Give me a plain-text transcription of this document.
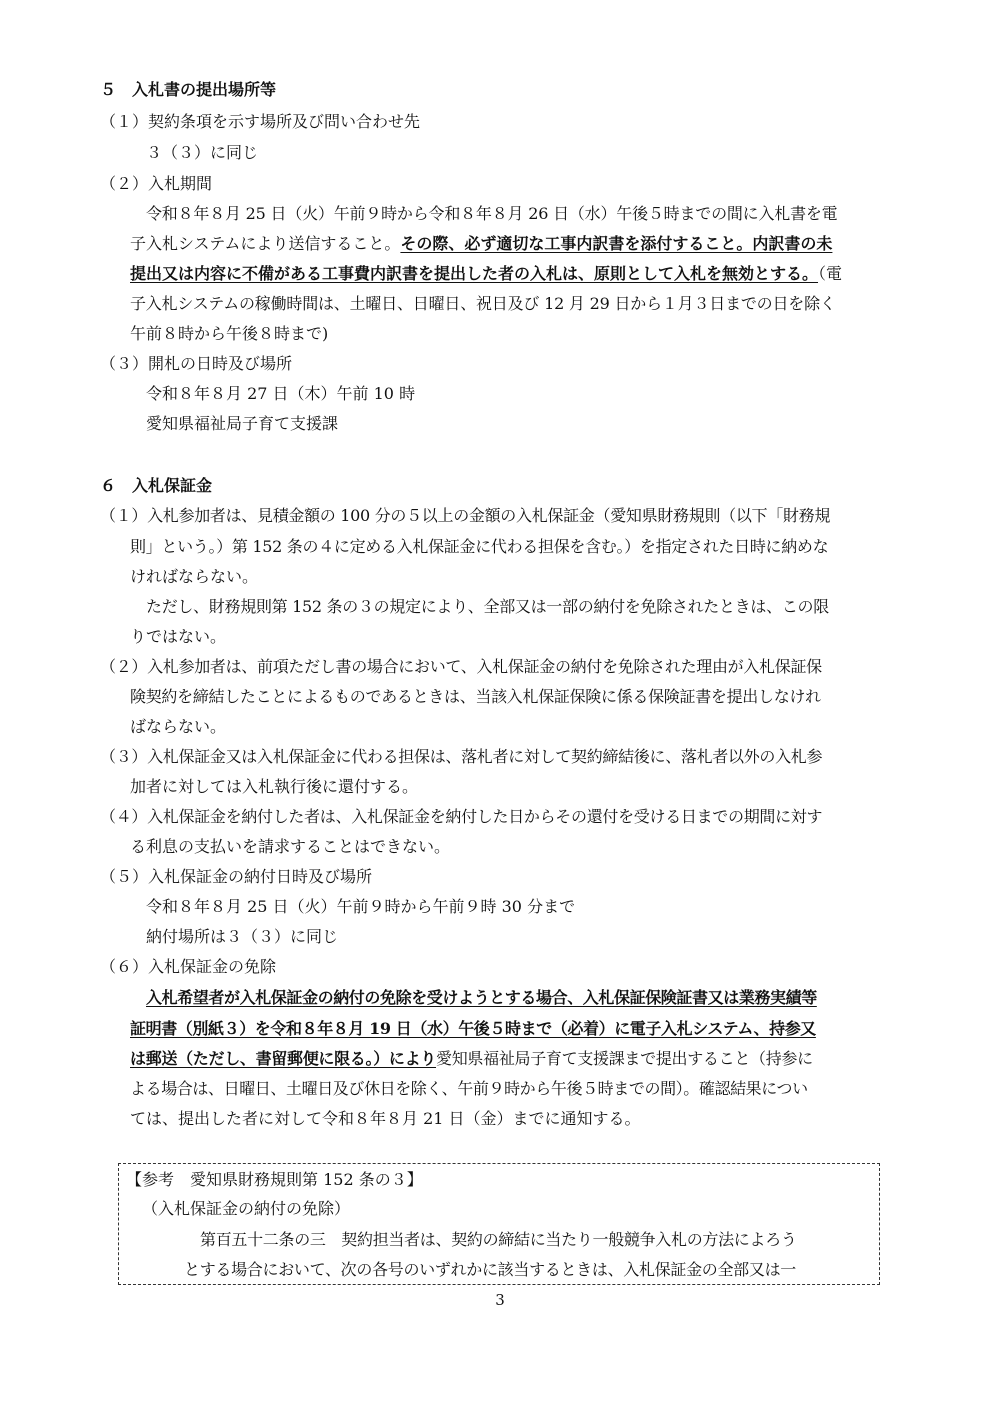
５　入札書の提出場所等
（１）契約条項を示す場所及び問い合わせ先
３（３）に同じ
（２）入札期間
令和８年８月 25 日（火）午前９時から令和８年８月 26 日（水）午後５時までの間に入札書を電
子入札システムにより送信すること。その際、必ず適切な工事内訳書を添付すること。内訳書の未
提出又は内容に不備がある工事費内訳書を提出した者の入札は、原則として入札を無効とする。（電
子入札システムの稼働時間は、土曜日、日曜日、祝日及び 12 月 29 日から１月３日までの日を除く
午前８時から午後８時まで)
（３）開札の日時及び場所
令和８年８月 27 日（木）午前 10 時
愛知県福祉局子育て支援課
６　入札保証金
（１）入札参加者は、見積金額の 100 分の５以上の金額の入札保証金（愛知県財務規則（以下「財務規
則」という。）第 152 条の４に定める入札保証金に代わる担保を含む。）を指定された日時に納めな
ければならない。
ただし、財務規則第 152 条の３の規定により、全部又は一部の納付を免除されたときは、この限
りではない。
（２）入札参加者は、前項ただし書の場合において、入札保証金の納付を免除された理由が入札保証保
険契約を締結したことによるものであるときは、当該入札保証保険に係る保険証書を提出しなけれ
ばならない。
（３）入札保証金又は入札保証金に代わる担保は、落札者に対して契約締結後に、落札者以外の入札参
加者に対しては入札執行後に還付する。
（４）入札保証金を納付した者は、入札保証金を納付した日からその還付を受ける日までの期間に対す
る利息の支払いを請求することはできない。
（５）入札保証金の納付日時及び場所
令和８年８月 25 日（火）午前９時から午前９時 30 分まで
納付場所は３（３）に同じ
（６）入札保証金の免除
入札希望者が入札保証金の納付の免除を受けようとする場合、入札保証保険証書又は業務実績等
証明書（別紙３）を令和８年８月 19 日（水）午後５時まで（必着）に電子入札システム、持参又
は郵送（ただし、書留郵便に限る。）により愛知県福祉局子育て支援課まで提出すること（持参に
よる場合は、日曜日、土曜日及び休日を除く、午前９時から午後５時までの間）。確認結果につい
ては、提出した者に対して令和８年８月 21 日（金）までに通知する。
【参考　愛知県財務規則第 152 条の３】
（入札保証金の納付の免除）
第百五十二条の三　契約担当者は、契約の締結に当たり一般競争入札の方法によろう
とする場合において、次の各号のいずれかに該当するときは、入札保証金の全部又は一
3
